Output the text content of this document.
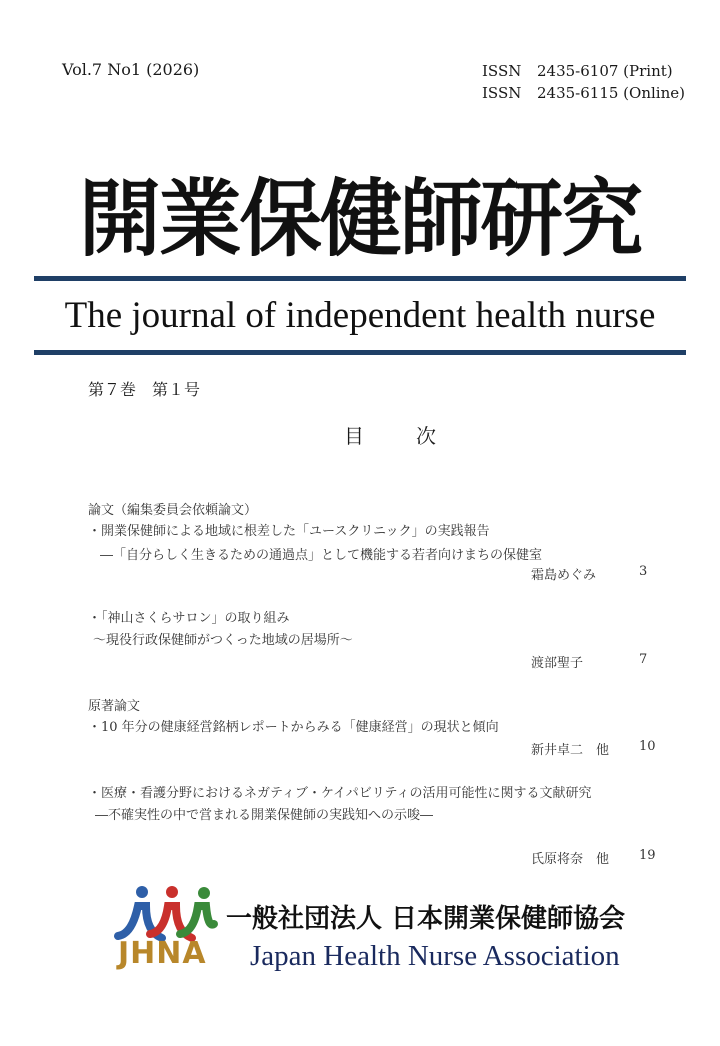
Vol.7 No1 (2026)	ISSN 2435-6107 (Print)
ISSN 2435-6115 (Online)
開業保健師研究
The journal of independent health nurse
第７巻　第１号
目　次
論文（編集委員会依頼論文）
・開業保健師による地域に根差した「ユースクリニック」の実践報告
―「自分らしく生きるための通過点」として機能する若者向けまちの保健室
霜島めぐみ	3
・「神山さくらサロン」の取り組み
〜現役行政保健師がつくった地域の居場所〜
渡部聖子	7
原著論文
・10 年分の健康経営銘柄レポートからみる「健康経営」の現状と傾向
新井卓二　他 10
・医療・看護分野におけるネガティブ・ケイパビリティの活用可能性に関する文献研究
―不確実性の中で営まれる開業保健師の実践知への示唆―
氏原将奈　他 19
JHNA
一般社団法人 日本開業保健師協会
Japan Health Nurse Association
